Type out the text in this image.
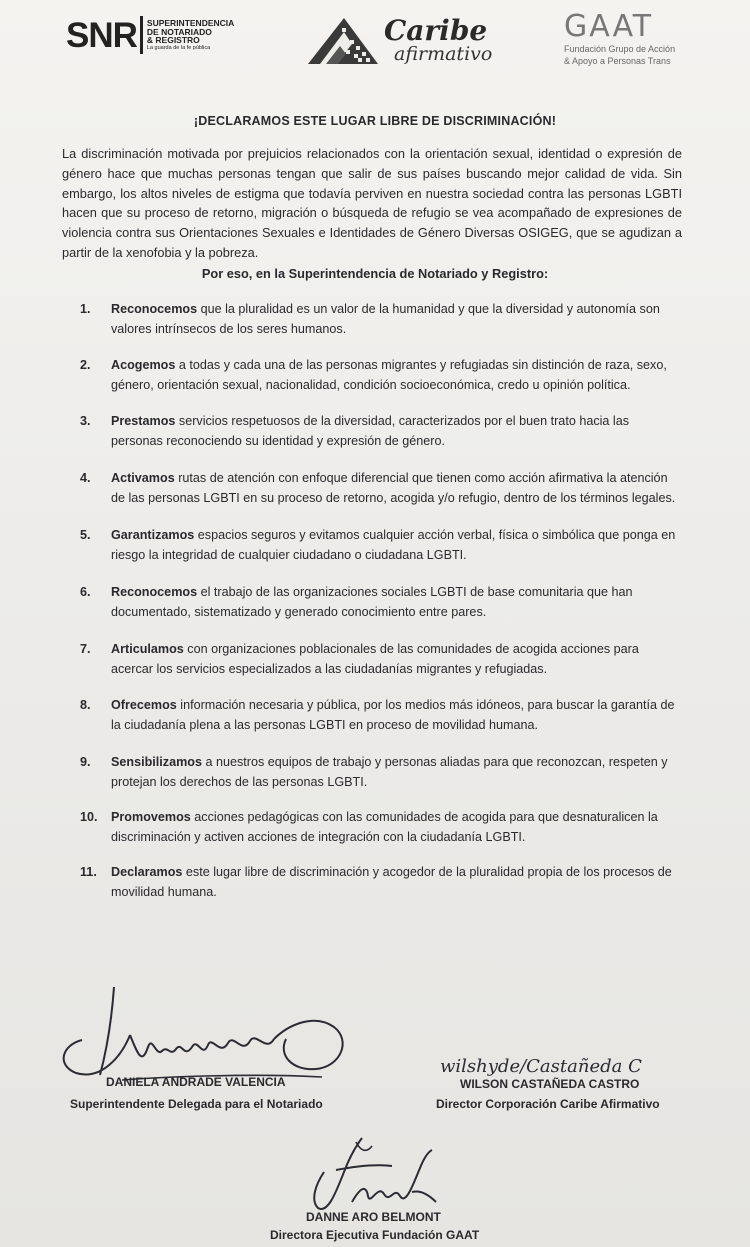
SNR SUPERINTENDENCIA
DE NOTARIADO
& REGISTRO
La guarda de la fe pública
Caribe
afirmativo
GAAT
Fundación Grupo de Acción
& Apoyo a Personas Trans
¡DECLARAMOS ESTE LUGAR LIBRE DE DISCRIMINACIÓN!
La discriminación motivada por prejuicios relacionados con la orientación sexual, identidad o expresión de género hace que muchas personas tengan que salir de sus países buscando mejor calidad de vida. Sin embargo, los altos niveles de estigma que todavía perviven en nuestra sociedad contra las personas LGBTI hacen que su proceso de retorno, migración o búsqueda de refugio se vea acompañado de expresiones de violencia contra sus Orientaciones Sexuales e Identidades de Género Diversas OSIGEG, que se agudizan a partir de la xenofobia y la pobreza.
Por eso, en la Superintendencia de Notariado y Registro:
1.	Reconocemos que la pluralidad es un valor de la humanidad y que la diversidad y autonomía son valores intrínsecos de los seres humanos.
2.	Acogemos a todas y cada una de las personas migrantes y refugiadas sin distinción de raza, sexo, género, orientación sexual, nacionalidad, condición socioeconómica, credo u opinión política.
3.	Prestamos servicios respetuosos de la diversidad, caracterizados por el buen trato hacia las personas reconociendo su identidad y expresión de género.
4.	Activamos rutas de atención con enfoque diferencial que tienen como acción afirmativa la atención de las personas LGBTI en su proceso de retorno, acogida y/o refugio, dentro de los términos legales.
5.	Garantizamos espacios seguros y evitamos cualquier acción verbal, física o simbólica que ponga en riesgo la integridad de cualquier ciudadano o ciudadana LGBTI.
6.	Reconocemos el trabajo de las organizaciones sociales LGBTI de base comunitaria que han documentado, sistematizado y generado conocimiento entre pares.
7.	Articulamos con organizaciones poblacionales de las comunidades de acogida acciones para acercar los servicios especializados a las ciudadanías migrantes y refugiadas.
8.	Ofrecemos información necesaria y pública, por los medios más idóneos, para buscar la garantía de la ciudadanía plena a las personas LGBTI en proceso de movilidad humana.
9.	Sensibilizamos a nuestros equipos de trabajo y personas aliadas para que reconozcan, respeten y protejan los derechos de las personas LGBTI.
10.	Promovemos acciones pedagógicas con las comunidades de acogida para que desnaturalicen la discriminación y activen acciones de integración con la ciudadanía LGBTI.
11.	Declaramos este lugar libre de discriminación y acogedor de la pluralidad propia de los procesos de movilidad humana.
DANIELA ANDRADE VALENCIA
Superintendente Delegada para el Notariado
wilshyde/Castañeda C
WILSON CASTAÑEDA CASTRO
Director Corporación Caribe Afirmativo
DANNE ARO BELMONT
Directora Ejecutiva Fundación GAAT
